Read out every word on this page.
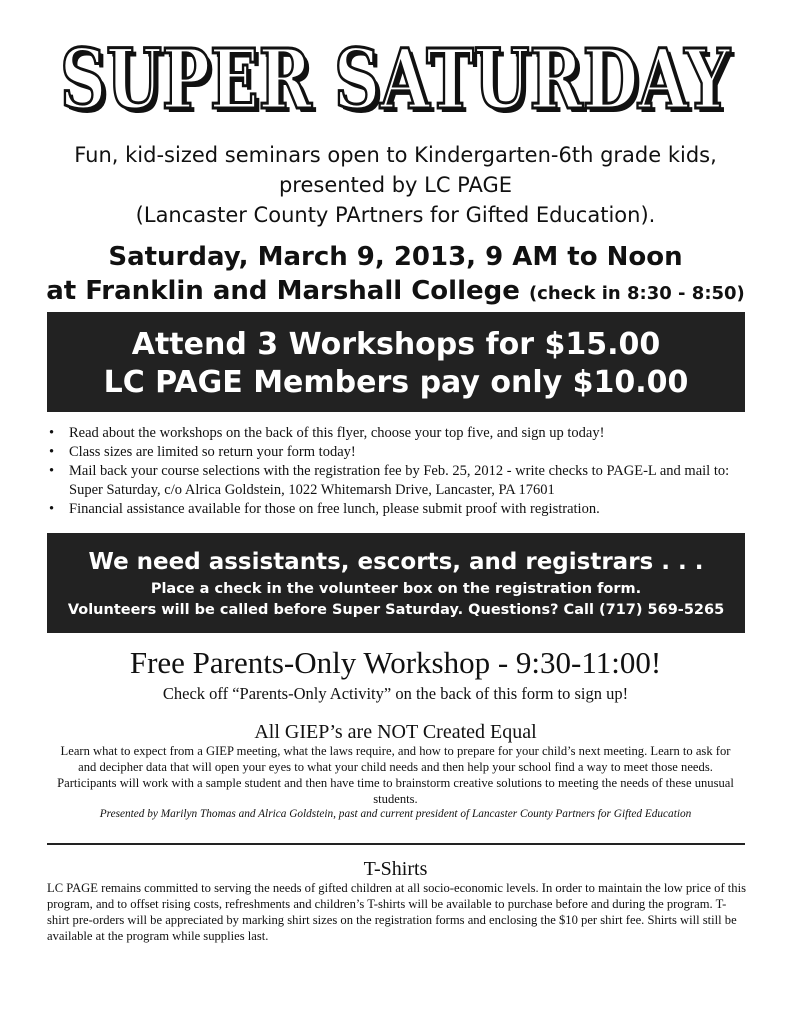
SUPER SATURDAY
SUPER SATURDAY
Fun, kid-sized seminars open to Kindergarten-6th grade kids,
presented by LC PAGE
(Lancaster County PArtners for Gifted Education).
Saturday, March 9, 2013, 9 AM to Noon
at Franklin and Marshall College (check in 8:30 - 8:50)
Attend 3 Workshops for $15.00
LC PAGE Members pay only $10.00
• Read about the workshops on the back of this flyer, choose your top five, and sign up today!
• Class sizes are limited so return your form today!
• Mail back your course selections with the registration fee by Feb. 25, 2012 - write checks to PAGE-L and mail to: Super Saturday, c/o Alrica Goldstein, 1022 Whitemarsh Drive, Lancaster, PA 17601
• Financial assistance available for those on free lunch, please submit proof with registration.
We need assistants, escorts, and registrars . . .
Place a check in the volunteer box on the registration form.
Volunteers will be called before Super Saturday. Questions? Call (717) 569-5265
Free Parents-Only Workshop - 9:30-11:00!
Check off “Parents-Only Activity” on the back of this form to sign up!
All GIEP’s are NOT Created Equal
Learn what to expect from a GIEP meeting, what the laws require, and how to prepare for your child’s next meeting. Learn to ask for and decipher data that will open your eyes to what your child needs and then help your school find a way to meet those needs. Participants will work with a sample student and then have time to brainstorm creative solutions to meeting the needs of these unusual students.
Presented by Marilyn Thomas and Alrica Goldstein, past and current president of Lancaster County Partners for Gifted Education
T-Shirts
LC PAGE remains committed to serving the needs of gifted children at all socio-economic levels. In order to maintain the low price of this program, and to offset rising costs, refreshments and children’s T-shirts will be available to purchase before and during the program. T-shirt pre-orders will be appreciated by marking shirt sizes on the registration forms and enclosing the $10 per shirt fee. Shirts will still be available at the program while supplies last.
